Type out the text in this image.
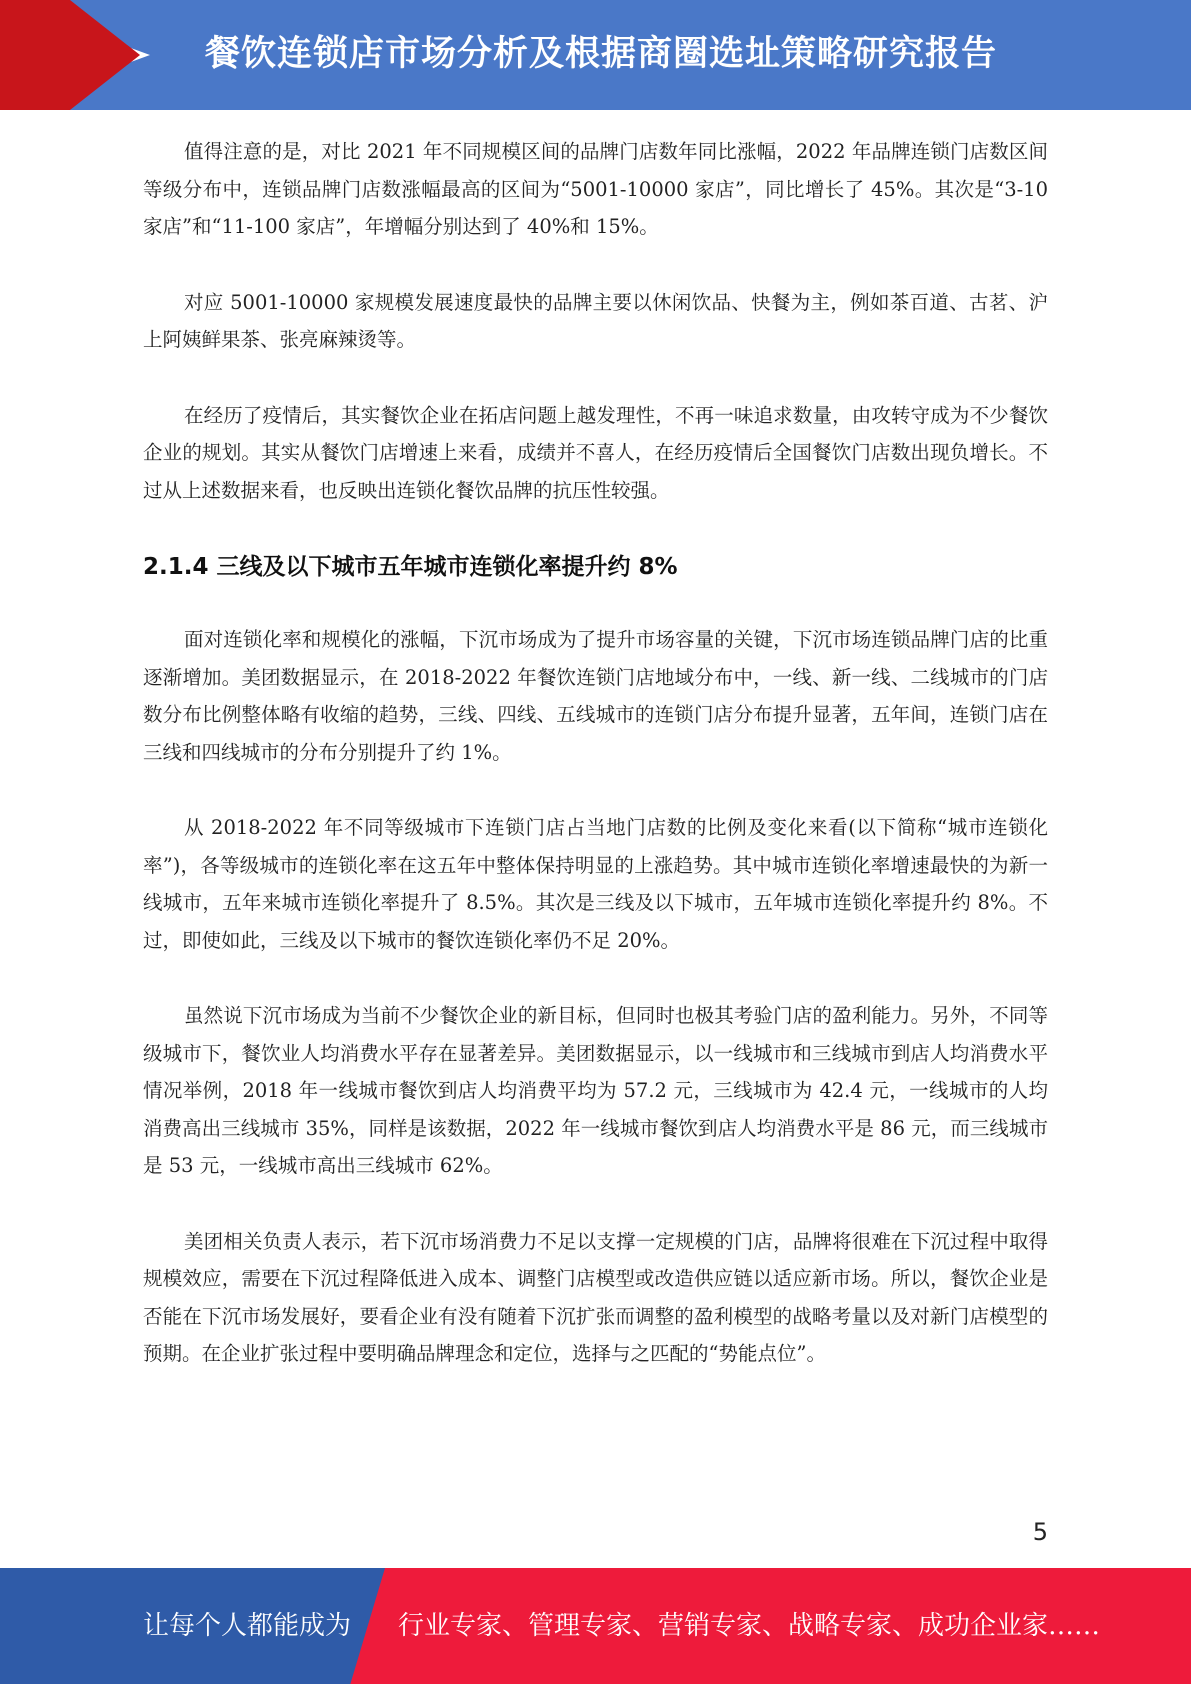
餐饮连锁店市场分析及根据商圈选址策略研究报告

值得注意的是，对比 2021 年不同规模区间的品牌门店数年同比涨幅，2022 年品牌连锁门店数区间等级分布中，连锁品牌门店数涨幅最高的区间为“5001-10000 家店”，同比增长了 45%。其次是“3-10 家店”和“11-100 家店”，年增幅分别达到了 40%和 15%。

对应 5001-10000 家规模发展速度最快的品牌主要以休闲饮品、快餐为主，例如茶百道、古茗、沪上阿姨鲜果茶、张亮麻辣烫等。

在经历了疫情后，其实餐饮企业在拓店问题上越发理性，不再一味追求数量，由攻转守成为不少餐饮企业的规划。其实从餐饮门店增速上来看，成绩并不喜人，在经历疫情后全国餐饮门店数出现负增长。不过从上述数据来看，也反映出连锁化餐饮品牌的抗压性较强。

2.1.4 三线及以下城市五年城市连锁化率提升约 8%

面对连锁化率和规模化的涨幅，下沉市场成为了提升市场容量的关键，下沉市场连锁品牌门店的比重逐渐增加。美团数据显示，在 2018-2022 年餐饮连锁门店地域分布中，一线、新一线、二线城市的门店数分布比例整体略有收缩的趋势，三线、四线、五线城市的连锁门店分布提升显著，五年间，连锁门店在三线和四线城市的分布分别提升了约 1%。

从 2018-2022 年不同等级城市下连锁门店占当地门店数的比例及变化来看(以下简称“城市连锁化率”)，各等级城市的连锁化率在这五年中整体保持明显的上涨趋势。其中城市连锁化率增速最快的为新一线城市，五年来城市连锁化率提升了 8.5%。其次是三线及以下城市，五年城市连锁化率提升约 8%。不过，即使如此，三线及以下城市的餐饮连锁化率仍不足 20%。

虽然说下沉市场成为当前不少餐饮企业的新目标，但同时也极其考验门店的盈利能力。另外，不同等级城市下，餐饮业人均消费水平存在显著差异。美团数据显示，以一线城市和三线城市到店人均消费水平情况举例，2018 年一线城市餐饮到店人均消费平均为 57.2 元，三线城市为 42.4 元，一线城市的人均消费高出三线城市 35%，同样是该数据，2022 年一线城市餐饮到店人均消费水平是 86 元，而三线城市是 53 元，一线城市高出三线城市 62%。

美团相关负责人表示，若下沉市场消费力不足以支撑一定规模的门店，品牌将很难在下沉过程中取得规模效应，需要在下沉过程降低进入成本、调整门店模型或改造供应链以适应新市场。所以，餐饮企业是否能在下沉市场发展好，要看企业有没有随着下沉扩张而调整的盈利模型的战略考量以及对新门店模型的预期。在企业扩张过程中要明确品牌理念和定位，选择与之匹配的“势能点位”。

5
让每个人都能成为 行业专家、管理专家、营销专家、战略专家、成功企业家……
